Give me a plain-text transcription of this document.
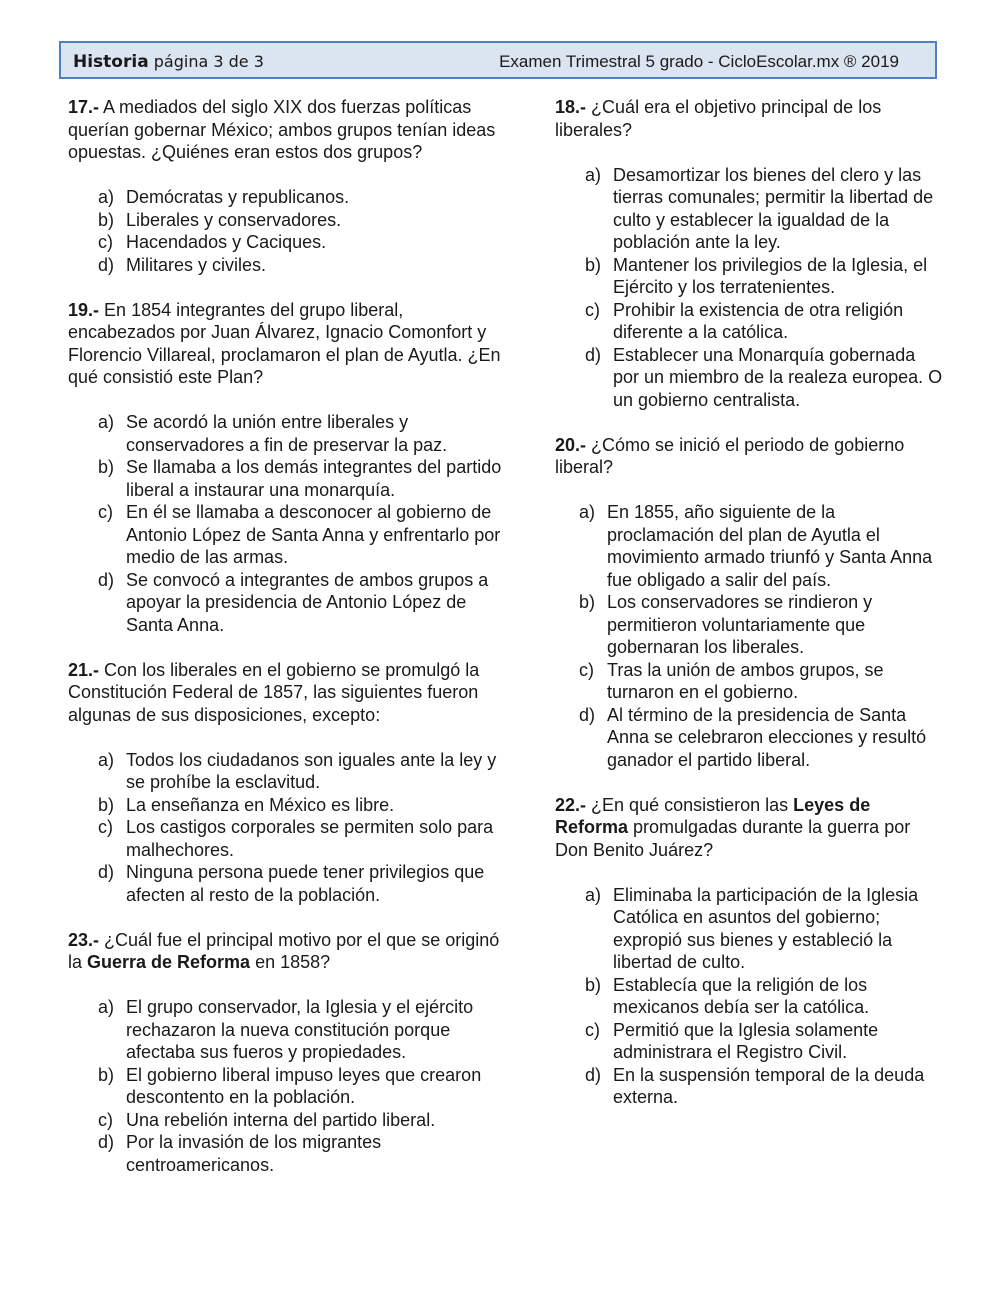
Historia página 3 de 3	Examen Trimestral 5 grado - CicloEscolar.mx ® 2019

17.- A mediados del siglo XIX dos fuerzas políticas querían gobernar México; ambos grupos tenían ideas opuestas. ¿Quiénes eran estos dos grupos?

a) Demócratas y republicanos.
b) Liberales y conservadores.
c) Hacendados y Caciques.
d) Militares y civiles.

19.- En 1854 integrantes del grupo liberal, encabezados por Juan Álvarez, Ignacio Comonfort y Florencio Villareal, proclamaron el plan de Ayutla. ¿En qué consistió este Plan?

a) Se acordó la unión entre liberales y conservadores a fin de preservar la paz.
b) Se llamaba a los demás integrantes del partido liberal a instaurar una monarquía.
c) En él se llamaba a desconocer al gobierno de Antonio López de Santa Anna y enfrentarlo por medio de las armas.
d) Se convocó a integrantes de ambos grupos a apoyar la presidencia de Antonio López de Santa Anna.

21.- Con los liberales en el gobierno se promulgó la Constitución Federal de 1857, las siguientes fueron algunas de sus disposiciones, excepto:

a) Todos los ciudadanos son iguales ante la ley y se prohíbe la esclavitud.
b) La enseñanza en México es libre.
c) Los castigos corporales se permiten solo para malhechores.
d) Ninguna persona puede tener privilegios que afecten al resto de la población.

23.- ¿Cuál fue el principal motivo por el que se originó la Guerra de Reforma en 1858?

a) El grupo conservador, la Iglesia y el ejército rechazaron la nueva constitución porque afectaba sus fueros y propiedades.
b) El gobierno liberal impuso leyes que crearon descontento en la población.
c) Una rebelión interna del partido liberal.
d) Por la invasión de los migrantes centroamericanos.

18.- ¿Cuál era el objetivo principal de los liberales?

a) Desamortizar los bienes del clero y las tierras comunales; permitir la libertad de culto y establecer la igualdad de la población ante la ley.
b) Mantener los privilegios de la Iglesia, el Ejército y los terratenientes.
c) Prohibir la existencia de otra religión diferente a la católica.
d) Establecer una Monarquía gobernada por un miembro de la realeza europea. O un gobierno centralista.

20.- ¿Cómo se inició el periodo de gobierno liberal?

a) En 1855, año siguiente de la proclamación del plan de Ayutla el movimiento armado triunfó y Santa Anna fue obligado a salir del país.
b) Los conservadores se rindieron y permitieron voluntariamente que gobernaran los liberales.
c) Tras la unión de ambos grupos, se turnaron en el gobierno.
d) Al término de la presidencia de Santa Anna se celebraron elecciones y resultó ganador el partido liberal.

22.- ¿En qué consistieron las Leyes de Reforma promulgadas durante la guerra por Don Benito Juárez?

a) Eliminaba la participación de la Iglesia Católica en asuntos del gobierno; expropió sus bienes y estableció la libertad de culto.
b) Establecía que la religión de los mexicanos debía ser la católica.
c) Permitió que la Iglesia solamente administrara el Registro Civil.
d) En la suspensión temporal de la deuda externa.
